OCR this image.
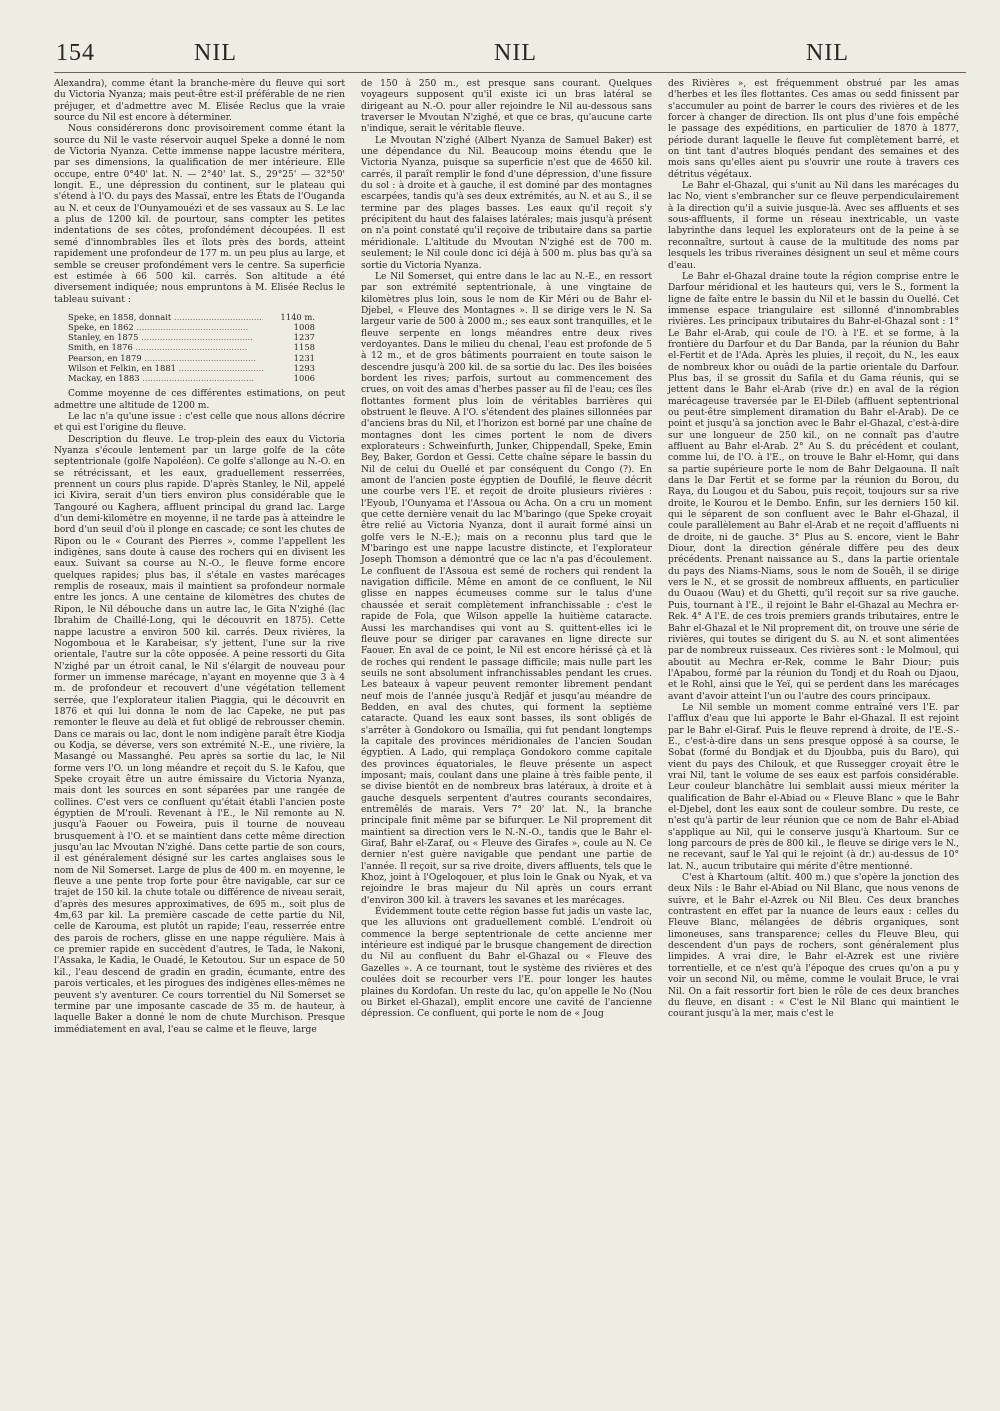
154	NIL	NIL	NIL

Alexandra), comme étant la branche-mère du fleuve qui sort du Victoria Nyanza; mais peut-être est-il préférable de ne rien préjuger, et d'admettre avec M. Elisée Reclus que la vraie source du Nil est encore à déterminer.

Nous considérerons donc provisoirement comme étant la source du Nil le vaste réservoir auquel Speke a donné le nom de Victoria Nyanza. Cette immense nappe lacustre méritera, par ses dimensions, la qualification de mer intérieure. Elle occupe, entre 0°40' lat. N. — 2°40' lat. S., 29°25' — 32°50' longit. E., une dépression du continent, sur le plateau qui s'étend à l'O. du pays des Massaï, entre les États de l'Ouganda au N. et ceux de l'Ounyamouézi et de ses vassaux au S. Le lac a plus de 1200 kil. de pourtour, sans compter les petites indentations de ses côtes, profondément découpées. Il est semé d'innombrables îles et îlots près des bords, atteint rapidement une profondeur de 177 m. un peu plus au large, et semble se creuser profondément vers le centre. Sa superficie est estimée à 66 500 kil. carrés. Son altitude a été diversement indiquée; nous empruntons à M. Elisée Reclus le tableau suivant :

Speke, en 1858, donnait .....	1140 m.
Speke, en 1862 .....	1008
Stanley, en 1875 .....	1237
Smith, en 1876 .....	1158
Pearson, en 1879 .....	1231
Wilson et Felkin, en 1881 .....	1293
Mackay, en 1883 .....	1006

Comme moyenne de ces différentes estimations, on peut admettre une altitude de 1200 m.

Le lac n'a qu'une issue : c'est celle que nous allons décrire et qui est l'origine du fleuve.

Description du fleuve. Le trop-plein des eaux du Victoria Nyanza s'écoule lentement par un large golfe de la côte septentrionale (golfe Napoléon). Ce golfe s'allonge au N.-O. en se rétrécissant, et les eaux, graduellement resserrées, prennent un cours plus rapide. D'après Stanley, le Nil, appelé ici Kivira, serait d'un tiers environ plus considérable que le Tangouré ou Kaghera, affluent principal du grand lac. Large d'un demi-kilomètre en moyenne, il ne tarde pas à atteindre le bord d'un seuil d'où il plonge en cascade; ce sont les chutes de Ripon ou le « Courant des Pierres », comme l'appellent les indigènes, sans doute à cause des rochers qui en divisent les eaux. Suivant sa course au N.-O., le fleuve forme encore quelques rapides; plus bas, il s'étale en vastes marécages remplis de roseaux, mais il maintient sa profondeur normale entre les joncs. A une centaine de kilomètres des chutes de Ripon, le Nil débouche dans un autre lac, le Gita N'zighé (lac Ibrahim de Chaillé-Long, qui le découvrit en 1875). Cette nappe lacustre a environ 500 kil. carrés. Deux rivières, la Nogomboua et le Karabeisar, s'y jettent, l'une sur la rive orientale, l'autre sur la côte opposée. A peine ressorti du Gita N'zighé par un étroit canal, le Nil s'élargit de nouveau pour former un immense marécage, n'ayant en moyenne que 3 à 4 m. de profondeur et recouvert d'une végétation tellement serrée, que l'explorateur italien Piaggia, qui le découvrit en 1876 et qui lui donna le nom de lac Capeke, ne put pas remonter le fleuve au delà et fut obligé de rebrousser chemin. Dans ce marais ou lac, dont le nom indigène paraît être Kiodja ou Kodja, se déverse, vers son extrémité N.-E., une rivière, la Masangé ou Massanghé. Peu après sa sortie du lac, le Nil forme vers l'O. un long méandre et reçoit du S. le Kafou, que Speke croyait être un autre émissaire du Victoria Nyanza, mais dont les sources en sont séparées par une rangée de collines. C'est vers ce confluent qu'était établi l'ancien poste égyptien de M'rouli. Revenant à l'E., le Nil remonte au N. jusqu'à Faouer ou Foweira, puis il tourne de nouveau brusquement à l'O. et se maintient dans cette même direction jusqu'au lac Mvoutan N'zighé. Dans cette partie de son cours, il est généralement désigné sur les cartes anglaises sous le nom de Nil Somerset. Large de plus de 400 m. en moyenne, le fleuve a une pente trop forte pour être navigable, car sur ce trajet de 150 kil. la chute totale ou différence de niveau serait, d'après des mesures approximatives, de 695 m., soit plus de 4m,63 par kil. La première cascade de cette partie du Nil, celle de Karouma, est plutôt un rapide; l'eau, resserrée entre des parois de rochers, glisse en une nappe régulière. Mais à ce premier rapide en succèdent d'autres, le Tada, le Nakoni, l'Assaka, le Kadia, le Ouadé, le Ketoutou. Sur un espace de 50 kil., l'eau descend de gradin en gradin, écumante, entre des parois verticales, et les pirogues des indigènes elles-mêmes ne peuvent s'y aventurer. Ce cours torrentiel du Nil Somerset se termine par une imposante cascade de 35 m. de hauteur, à laquelle Baker a donné le nom de chute Murchison. Presque immédiatement en aval, l'eau se calme et le fleuve, large

de 150 à 250 m., est presque sans courant. Quelques voyageurs supposent qu'il existe ici un bras latéral se dirigeant au N.-O. pour aller rejoindre le Nil au-dessous sans traverser le Mvoutan N'zighé, et que ce bras, qu'aucune carte n'indique, serait le véritable fleuve.

Le Mvoutan N'zighé (Albert Nyanza de Samuel Baker) est une dépendance du Nil. Beaucoup moins étendu que le Victoria Nyanza, puisque sa superficie n'est que de 4650 kil. carrés, il paraît remplir le fond d'une dépression, d'une fissure du sol : à droite et à gauche, il est dominé par des montagnes escarpées, tandis qu'à ses deux extrémités, au N. et au S., il se termine par des plages basses. Les eaux qu'il reçoit s'y précipitent du haut des falaises latérales; mais jusqu'à présent on n'a point constaté qu'il reçoive de tributaire dans sa partie méridionale. L'altitude du Mvoutan N'zighé est de 700 m. seulement; le Nil coule donc ici déjà à 500 m. plus bas qu'à sa sortie du Victoria Nyanza.

Le Nil Somerset, qui entre dans le lac au N.-E., en ressort par son extrémité septentrionale, à une vingtaine de kilomètres plus loin, sous le nom de Kir Méri ou de Bahr el-Djebel, « Fleuve des Montagnes ». Il se dirige vers le N. Sa largeur varie de 500 à 2000 m.; ses eaux sont tranquilles, et le fleuve serpente en longs méandres entre deux rives verdoyantes. Dans le milieu du chenal, l'eau est profonde de 5 à 12 m., et de gros bâtiments pourraient en toute saison le descendre jusqu'à 200 kil. de sa sortie du lac. Des îles boisées bordent les rives; parfois, surtout au commencement des crues, on voit des amas d'herbes passer au fil de l'eau; ces îles flottantes forment plus loin de véritables barrières qui obstruent le fleuve. A l'O. s'étendent des plaines sillonnées par d'anciens bras du Nil, et l'horizon est borné par une chaîne de montagnes dont les cimes portent le nom de divers explorateurs : Schweinfurth, Junker, Chippendall, Speke, Emin Bey, Baker, Gordon et Gessi. Cette chaîne sépare le bassin du Nil de celui du Ouellé et par conséquent du Congo (?). En amont de l'ancien poste égyptien de Doufilé, le fleuve décrit une courbe vers l'E. et reçoit de droite plusieurs rivières : l'Eyoub, l'Ounyama et l'Assoua ou Acha. On a cru un moment que cette dernière venait du lac M'baringo (que Speke croyait être relié au Victoria Nyanza, dont il aurait formé ainsi un golfe vers le N.-E.); mais on a reconnu plus tard que le M'baringo est une nappe lacustre distincte, et l'explorateur Joseph Thomson a démontré que ce lac n'a pas d'écoulement. Le confluent de l'Assoua est semé de rochers qui rendent la navigation difficile. Même en amont de ce confluent, le Nil glisse en nappes écumeuses comme sur le talus d'une chaussée et serait complètement infranchissable : c'est le rapide de Fola, que Wilson appelle la huitième cataracte. Aussi les marchandises qui vont au S. quittent-elles ici le fleuve pour se diriger par caravanes en ligne directe sur Faouer. En aval de ce point, le Nil est encore hérissé çà et là de roches qui rendent le passage difficile; mais nulle part les seuils ne sont absolument infranchissables pendant les crues. Les bateaux à vapeur peuvent remonter librement pendant neuf mois de l'année jusqu'à Redjâf et jusqu'au méandre de Bedden, en aval des chutes, qui forment la septième cataracte. Quand les eaux sont basses, ils sont obligés de s'arrêter à Gondokoro ou Ismaïlia, qui fut pendant longtemps la capitale des provinces méridionales de l'ancien Soudan égyptien. A Lado, qui remplaça Gondokoro comme capitale des provinces équatoriales, le fleuve présente un aspect imposant; mais, coulant dans une plaine à très faible pente, il se divise bientôt en de nombreux bras latéraux, à droite et à gauche desquels serpentent d'autres courants secondaires, entremêlés de marais. Vers 7° 20' lat. N., la branche principale finit même par se bifurquer. Le Nil proprement dit maintient sa direction vers le N.-N.-O., tandis que le Bahr el-Giraf, Bahr el-Zaraf, ou « Fleuve des Girafes », coule au N. Ce dernier n'est guère navigable que pendant une partie de l'année. Il reçoit, sur sa rive droite, divers affluents, tels que le Khoz, joint à l'Ogeloqouer, et plus loin le Gnak ou Nyak, et va rejoindre le bras majeur du Nil après un cours errant d'environ 300 kil. à travers les savanes et les marécages.

Évidemment toute cette région basse fut jadis un vaste lac, que les alluvions ont graduellement comblé. L'endroit où commence la berge septentrionale de cette ancienne mer intérieure est indiqué par le brusque changement de direction du Nil au confluent du Bahr el-Ghazal ou « Fleuve des Gazelles ». A ce tournant, tout le système des rivières et des coulées doit se recourber vers l'E. pour longer les hautes plaines du Kordofan. Un reste du lac, qu'on appelle le No (Nou ou Birket el-Ghazal), emplit encore une cavité de l'ancienne dépression. Ce confluent, qui porte le nom de « Joug

des Rivières », est fréquemment obstrué par les amas d'herbes et les îles flottantes. Ces amas ou sedd finissent par s'accumuler au point de barrer le cours des rivières et de les forcer à changer de direction. Ils ont plus d'une fois empêché le passage des expéditions, en particulier de 1870 à 1877, période durant laquelle le fleuve fut complètement barré, et on tint tant d'autres bloqués pendant des semaines et des mois sans qu'elles aient pu s'ouvrir une route à travers ces détritus végétaux.

Le Bahr el-Ghazal, qui s'unit au Nil dans les marécages du lac No, vient s'embrancher sur ce fleuve perpendiculairement à la direction qu'il a suivie jusque-là. Avec ses affluents et ses sous-affluents, il forme un réseau inextricable, un vaste labyrinthe dans lequel les explorateurs ont de la peine à se reconnaître, surtout à cause de la multitude des noms par lesquels les tribus riveraines désignent un seul et même cours d'eau.

Le Bahr el-Ghazal draine toute la région comprise entre le Darfour méridional et les hauteurs qui, vers le S., forment la ligne de faîte entre le bassin du Nil et le bassin du Ouellé. Cet immense espace triangulaire est sillonné d'innombrables rivières. Les principaux tributaires du Bahr-el-Ghazal sont : 1° Le Bahr el-Arab, qui coule de l'O. à l'E. et se forme, à la frontière du Darfour et du Dar Banda, par la réunion du Bahr el-Fertit et de l'Ada. Après les pluies, il reçoit, du N., les eaux de nombreux khor ou ouâdi de la partie orientale du Darfour. Plus bas, il se grossit du Safila et du Gama réunis, qui se jettent dans le Bahr el-Arab (rive dr.) en aval de la région marécageuse traversée par le El-Dileb (affluent septentrional ou peut-être simplement diramation du Bahr el-Arab). De ce point et jusqu'à sa jonction avec le Bahr el-Ghazal, c'est-à-dire sur une longueur de 250 kil., on ne connaît pas d'autre affluent au Bahr el-Arab. 2° Au S. du précédent et coulant, comme lui, de l'O. à l'E., on trouve le Bahr el-Homr, qui dans sa partie supérieure porte le nom de Bahr Delgaouna. Il naît dans le Dar Fertit et se forme par la réunion du Borou, du Raya, du Lougou et du Sabou, puis reçoit, toujours sur sa rive droite, le Kourou et le Dembo. Enfin, sur les derniers 150 kil. qui le séparent de son confluent avec le Bahr el-Ghazal, il coule parallèlement au Bahr el-Arab et ne reçoit d'affluents ni de droite, ni de gauche. 3° Plus au S. encore, vient le Bahr Diour, dont la direction générale diffère peu des deux précédents. Prenant naissance au S., dans la partie orientale du pays des Niams-Niams, sous le nom de Souêh, il se dirige vers le N., et se grossit de nombreux affluents, en particulier du Ouaou (Wau) et du Ghetti, qu'il reçoit sur sa rive gauche. Puis, tournant à l'E., il rejoint le Bahr el-Ghazal au Mechra er-Rek. 4° A l'E. de ces trois premiers grands tributaires, entre le Bahr el-Ghazal et le Nil proprement dit, on trouve une série de rivières, qui toutes se dirigent du S. au N. et sont alimentées par de nombreux ruisseaux. Ces rivières sont : le Molmoul, qui aboutit au Mechra er-Rek, comme le Bahr Diour; puis l'Apabou, formé par la réunion du Tondj et du Roah ou Djaou, et le Rohl, ainsi que le Yeï, qui se perdent dans les marécages avant d'avoir atteint l'un ou l'autre des cours principaux.

Le Nil semble un moment comme entraîné vers l'E. par l'afflux d'eau que lui apporte le Bahr el-Ghazal. Il est rejoint par le Bahr el-Giraf. Puis le fleuve reprend à droite, de l'E.-S.-E., c'est-à-dire dans un sens presque opposé à sa course, le Sobat (formé du Bondjak et du Djoubba, puis du Baro), qui vient du pays des Chilouk, et que Russegger croyait être le vrai Nil, tant le volume de ses eaux est parfois considérable. Leur couleur blanchâtre lui semblait aussi mieux mériter la qualification de Bahr el-Abiad ou « Fleuve Blanc » que le Bahr el-Djebel, dont les eaux sont de couleur sombre. Du reste, ce n'est qu'à partir de leur réunion que ce nom de Bahr el-Abiad s'applique au Nil, qui le conserve jusqu'à Khartoum. Sur ce long parcours de près de 800 kil., le fleuve se dirige vers le N., ne recevant, sauf le Yal qui le rejoint (à dr.) au-dessus de 10° lat. N., aucun tributaire qui mérite d'être mentionné.

C'est à Khartoum (altit. 400 m.) que s'opère la jonction des deux Nils : le Bahr el-Abiad ou Nil Blanc, que nous venons de suivre, et le Bahr el-Azrek ou Nil Bleu. Ces deux branches contrastent en effet par la nuance de leurs eaux : celles du Fleuve Blanc, mélangées de débris organiques, sont limoneuses, sans transparence; celles du Fleuve Bleu, qui descendent d'un pays de rochers, sont généralement plus limpides. A vrai dire, le Bahr el-Azrek est une rivière torrentielle, et ce n'est qu'à l'époque des crues qu'on a pu y voir un second Nil, ou même, comme le voulait Bruce, le vrai Nil. On a fait ressortir fort bien le rôle de ces deux branches du fleuve, en disant : « C'est le Nil Blanc qui maintient le courant jusqu'à la mer, mais c'est le
